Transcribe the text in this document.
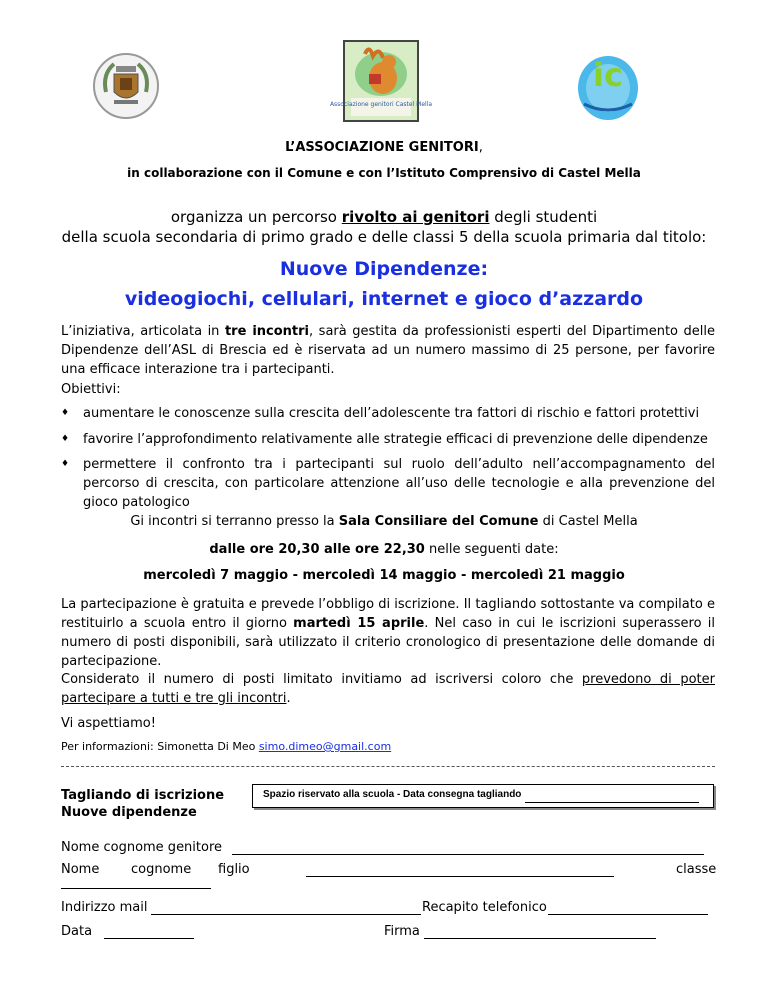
Associazione genitori Castel Mella
ic
L’ASSOCIAZIONE GENITORI,
in collaborazione con il Comune e con l’Istituto Comprensivo di Castel Mella
organizza un percorso rivolto ai genitori degli studenti
della scuola secondaria di primo grado e delle classi 5 della scuola primaria dal titolo:
Nuove Dipendenze:
videogiochi, cellulari, internet e gioco d’azzardo
L’iniziativa, articolata in tre incontri, sarà gestita da professionisti esperti del Dipartimento delle Dipendenze dell’ASL di Brescia ed è riservata ad un numero massimo di 25 persone, per favorire una efficace interazione tra i partecipanti.
Obiettivi:
♦	aumentare le conoscenze sulla crescita dell’adolescente tra fattori di rischio e fattori protettivi
♦	favorire l’approfondimento relativamente alle strategie efficaci di prevenzione delle dipendenze
♦	permettere il confronto tra i partecipanti sul ruolo dell’adulto nell’accompagnamento del percorso di crescita, con particolare attenzione all’uso delle tecnologie e alla prevenzione del gioco patologico
Gi incontri si terranno presso la Sala Consiliare del Comune di Castel Mella
dalle ore 20,30 alle ore 22,30 nelle seguenti date:
mercoledì 7 maggio - mercoledì 14 maggio - mercoledì 21 maggio
La partecipazione è gratuita e prevede l’obbligo di iscrizione. Il tagliando sottostante va compilato e restituirlo a scuola entro il giorno martedì 15 aprile. Nel caso in cui le iscrizioni superassero il numero di posti disponibili, sarà utilizzato il criterio cronologico di presentazione delle domande di partecipazione.
Considerato il numero di posti limitato invitiamo ad iscriversi coloro che prevedono di poter partecipare a tutti e tre gli incontri.
Vi aspettiamo!
Per informazioni: Simonetta Di Meo simo.dimeo@gmail.com
Tagliando di iscrizione
Nuove dipendenze
Spazio riservato alla scuola - Data consegna tagliando
Nome cognome genitore
Nome cognome figlio	classe
Indirizzo mail	Recapito telefonico
Data	Firma
